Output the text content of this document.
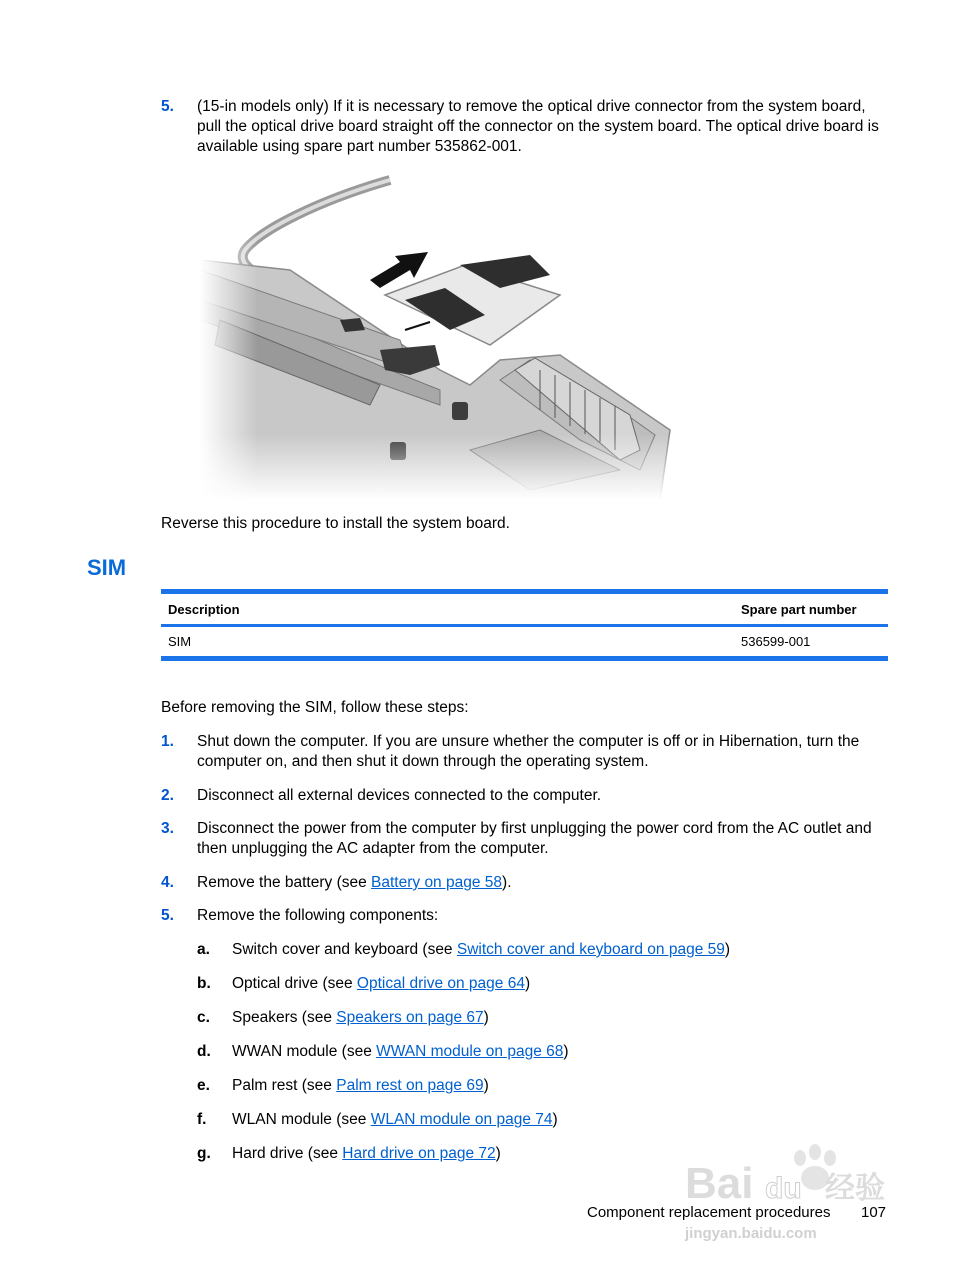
5. (15-in models only) If it is necessary to remove the optical drive connector from the system board, pull the optical drive board straight off the connector on the system board. The optical drive board is available using spare part number 535862-001.
Reverse this procedure to install the system board.
SIM
Description	Spare part number
SIM	536599-001
Before removing the SIM, follow these steps:
1. Shut down the computer. If you are unsure whether the computer is off or in Hibernation, turn the computer on, and then shut it down through the operating system.
2. Disconnect all external devices connected to the computer.
3. Disconnect the power from the computer by first unplugging the power cord from the AC outlet and then unplugging the AC adapter from the computer.
4. Remove the battery (see Battery on page 58).
5. Remove the following components:
a. Switch cover and keyboard (see Switch cover and keyboard on page 59)
b. Optical drive (see Optical drive on page 64)
c. Speakers (see Speakers on page 67)
d. WWAN module (see WWAN module on page 68)
e. Palm rest (see Palm rest on page 69)
f. WLAN module (see WLAN module on page 74)
g. Hard drive (see Hard drive on page 72)
Bai du 经验
Component replacement procedures 107
jingyan.baidu.com
